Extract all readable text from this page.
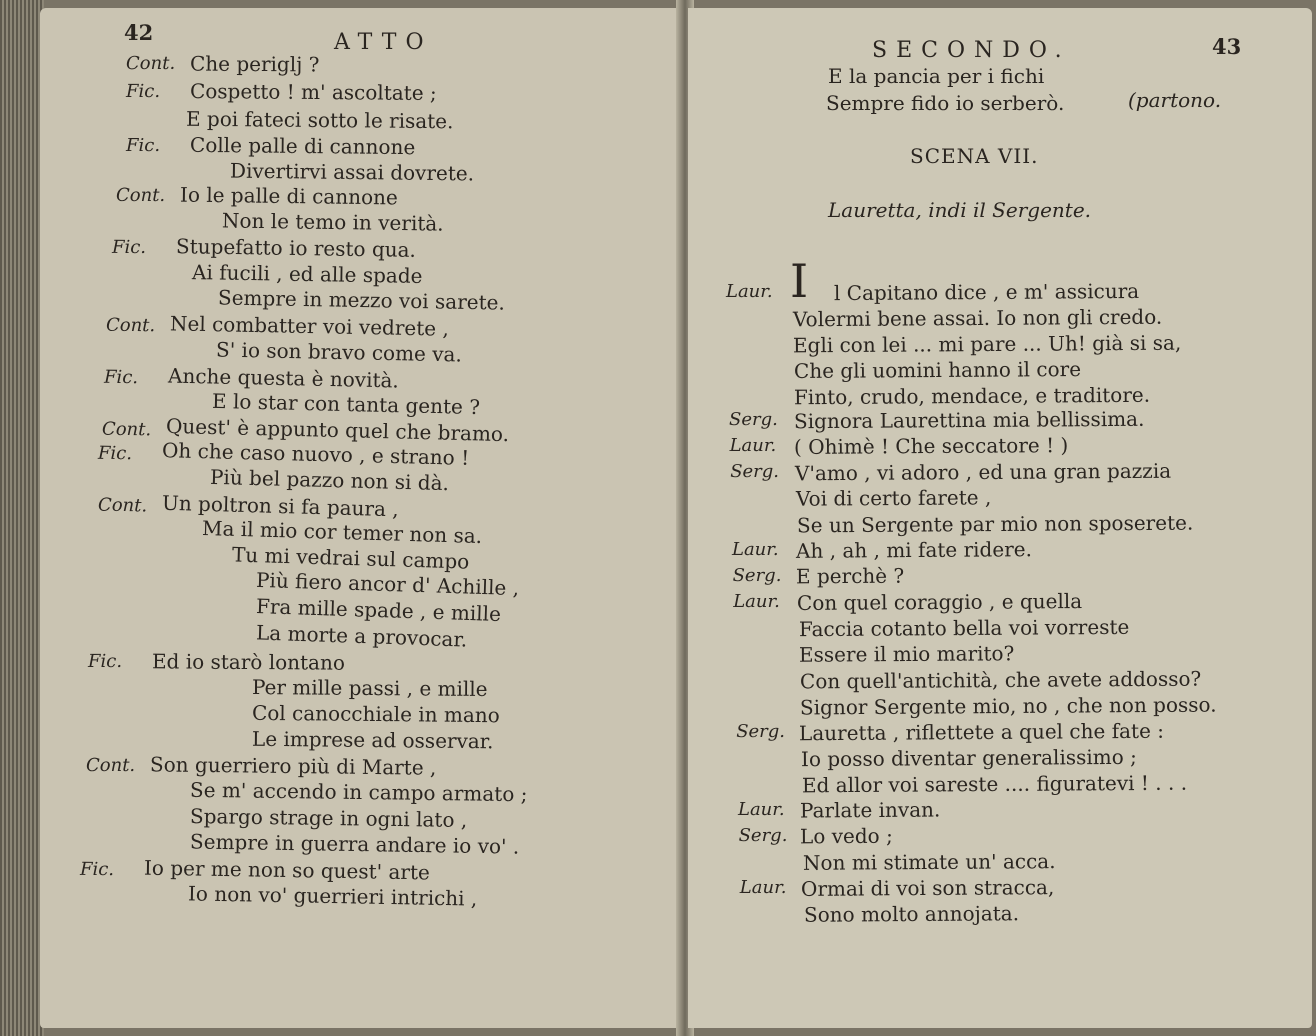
42	ATTO
Cont. Che periglj ?
Fic. Cospetto ! m' ascoltate ;
E poi fateci sotto le risate.
Fic. Colle palle di cannone
Divertirvi assai dovrete.
Cont. Io le palle di cannone
Non le temo in verità.
Fic. Stupefatto io resto qua.
Ai fucili , ed alle spade
Sempre in mezzo voi sarete.
Cont. Nel combatter voi vedrete ,
S' io son bravo come va.
Fic. Anche questa è novità.
E lo star con tanta gente ?
Cont. Quest' è appunto quel che bramo.
Fic. Oh che caso nuovo , e strano !
Più bel pazzo non si dà.
Cont. Un poltron si fa paura ,
Ma il mio cor temer non sa.
Tu mi vedrai sul campo
Più fiero ancor d' Achille ,
Fra mille spade , e mille
La morte a provocar.
Fic. Ed io starò lontano
Per mille passi , e mille
Col canocchiale in mano
Le imprese ad osservar.
Cont. Son guerriero più di Marte ,
Se m' accendo in campo armato ;
Spargo strage in ogni lato ,
Sempre in guerra andare io vo' .
Fic. Io per me non so quest' arte
Io non vo' guerrieri intrichi ,
SECONDO.	43
E la pancia per i fichi
Sempre fido io serberò.	(partono.
SCENA VII.
Lauretta, indi il Sergente.
I
Laur.	l Capitano dice , e m' assicura
Volermi bene assai. Io non gli credo.
Egli con lei ... mi pare ... Uh! già si sa,
Che gli uomini hanno il core
Finto, crudo, mendace, e traditore.
Serg. Signora Laurettina mia bellissima.
Laur. ( Ohimè ! Che seccatore ! )
Serg. V'amo , vi adoro , ed una gran pazzia
Voi di certo farete ,
Se un Sergente par mio non sposerete.
Laur. Ah , ah , mi fate ridere.
Serg. E perchè ?
Laur. Con quel coraggio , e quella
Faccia cotanto bella voi vorreste
Essere il mio marito?
Con quell'antichità, che avete addosso?
Signor Sergente mio, no , che non posso.
Serg. Lauretta , riflettete a quel che fate :
Io posso diventar generalissimo ;
Ed allor voi sareste .... figuratevi ! . . .
Laur. Parlate invan.
Serg. Lo vedo ;
Non mi stimate un' acca.
Laur. Ormai di voi son stracca,
Sono molto annojata.
